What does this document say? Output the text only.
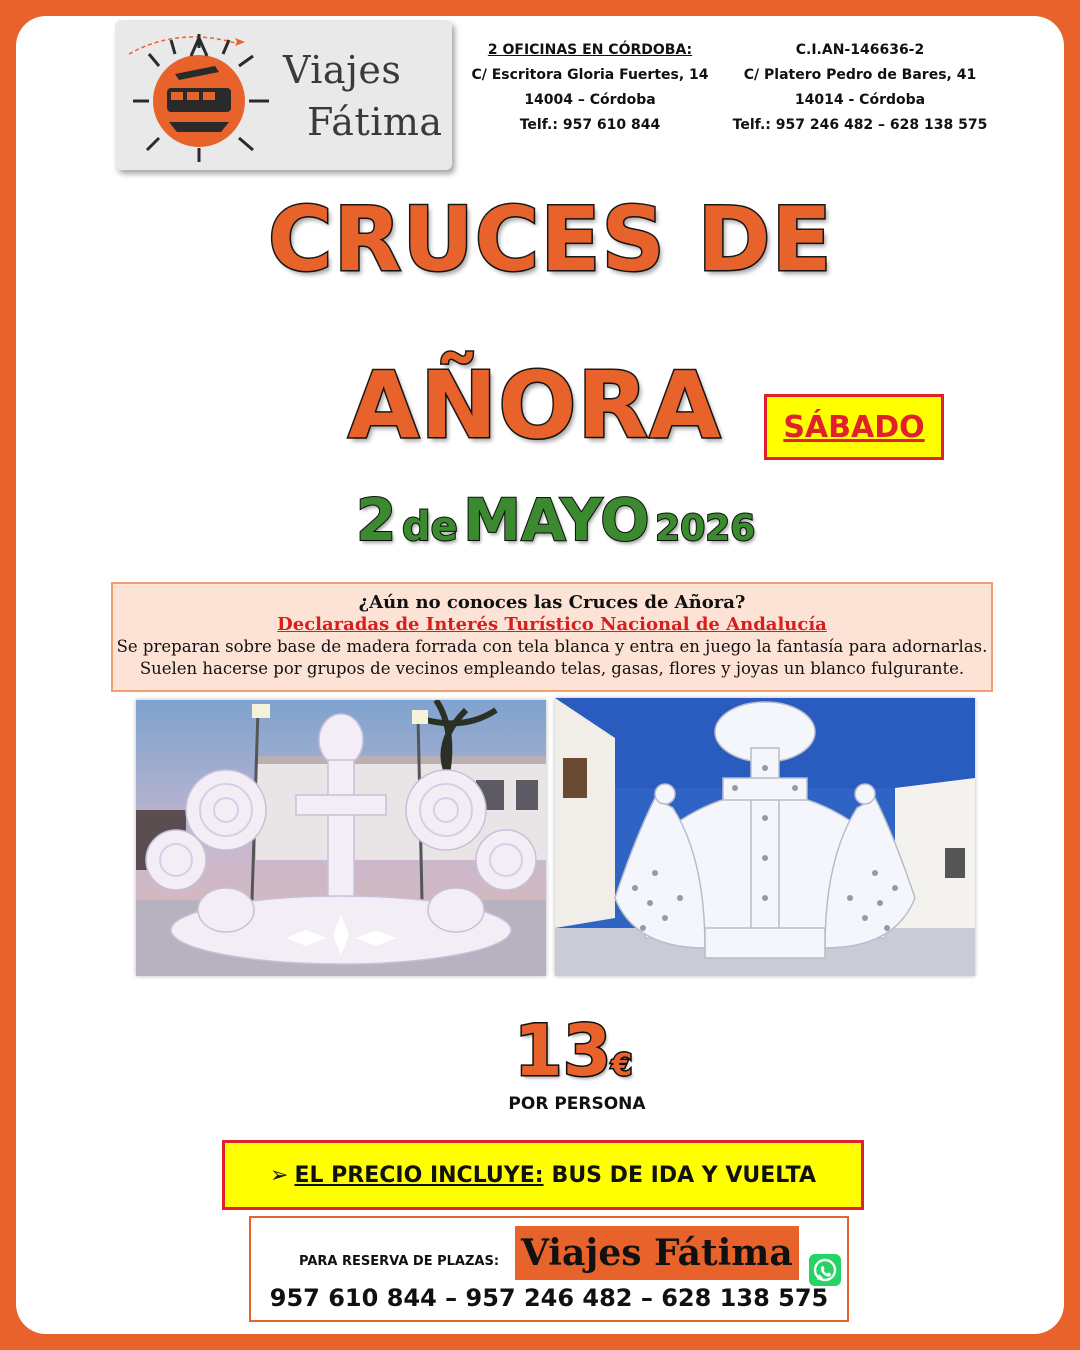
Viajes
Fátima
2 OFICINAS EN CÓRDOBA:
C/ Escritora Gloria Fuertes, 14
14004 – Córdoba
Telf.: 957 610 844
C.I.AN-146636-2
C/ Platero Pedro de Bares, 41
14014 - Córdoba
Telf.: 957 246 482 – 628 138 575
CRUCES DE
AÑORA SÁBADO
2 de MAYO 2026
¿Aún no conoces las Cruces de Añora?
Declaradas de Interés Turístico Nacional de Andalucía
Se preparan sobre base de madera forrada con tela blanca y entra en juego la fantasía para adornarlas.
Suelen hacerse por grupos de vecinos empleando telas, gasas, flores y joyas un blanco fulgurante.
13€
POR PERSONA
➢ EL PRECIO INCLUYE: BUS DE IDA Y VUELTA
PARA RESERVA DE PLAZAS: Viajes Fátima
957 610 844 – 957 246 482 – 628 138 575
